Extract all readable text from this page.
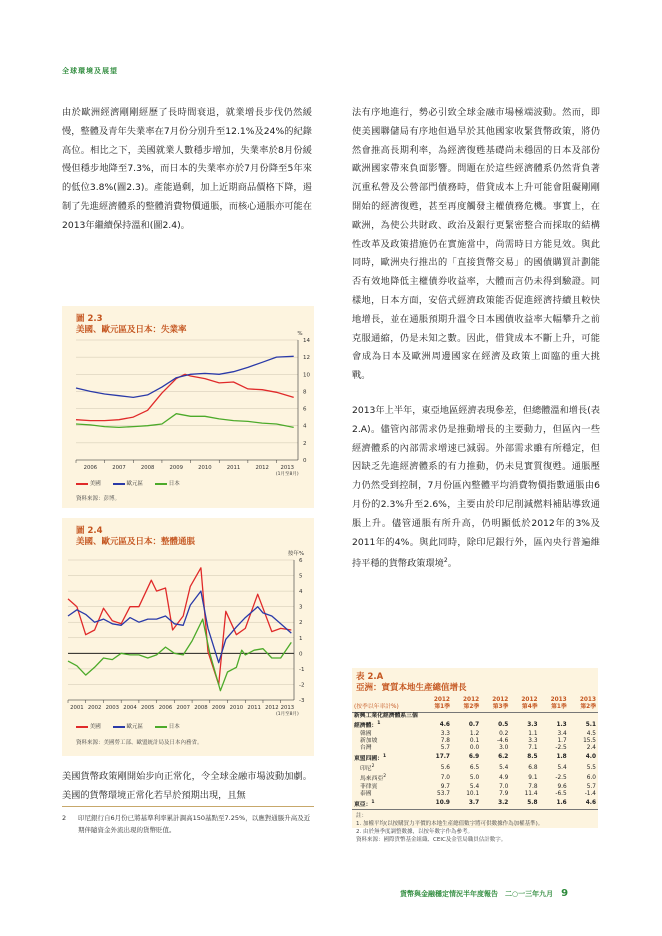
全球環境及展望

由於歐洲經濟剛剛經歷了長時間衰退，就業增長步伐仍然緩慢，整體及青年失業率在7月份分別升至12.1%及24%的紀錄高位。相比之下，美國就業人數穩步增加，失業率於8月份緩慢但穩步地降至7.3%，而日本的失業率亦於7月份降至5年來的低位3.8%(圖2.3)。產能過剩，加上近期商品價格下降，遏制了先進經濟體系的整體消費物價通脹，而核心通脹亦可能在2013年繼續保持溫和(圖2.4)。

圖 2.3
美國、歐元區及日本：失業率
0
2
4
6
8
10
12
14
%
2006	2007	2008	2009	2010	2011	2012 2013
(1月至8月)
美國	歐元區	日本
資料來源：彭博。
圖 2.4
美國、歐元區及日本：整體通脹
-3
-2
-1
0
1
2
3
4
5
6
按年%
2001 2002 2003 2004 2005 2006 2007 2008 2009 2010 2011 2012 2013
(1月至8月)
美國	歐元區	日本
資料來源：美國勞工部、歐盟統計局及日本內務省。

美國貨幣政策剛開始步向正常化，令全球金融市場波動加劇。美國的貨幣環境正常化若早於預期出現，且無

2 印尼銀行自6月份已將基準利率累計調高150基點至7.25%，以應對通脹升高及近期伴隨資金外流出現的貨幣貶值。

法有序地進行，勢必引致全球金融市場極端波動。然而，即使美國聯儲局有序地但過早於其他國家收緊貨幣政策，將仍然會推高長期利率，為經濟復甦基礎尚未穩固的日本及部份歐洲國家帶來負面影響。問題在於這些經濟體系仍然背負著沉重私營及公營部門債務時，借貸成本上升可能會阻礙剛剛開始的經濟復甦，甚至再度觸發主權債務危機。事實上，在歐洲，為使公共財政、政治及銀行更緊密整合而採取的結構性改革及政策措施仍在實施當中，尚需時日方能見效。與此同時，歐洲央行推出的「直接貨幣交易」的國債購買計劃能否有效地降低主權債券收益率，大體而言仍未得到驗證。同樣地，日本方面，安倍式經濟政策能否促進經濟持續且較快地增長，並在通脹預期升溫令日本國債收益率大幅攀升之前克服通縮，仍是未知之數。因此，借貸成本不斷上升，可能會成為日本及歐洲周邊國家在經濟及政策上面臨的重大挑戰。

2013年上半年，東亞地區經濟表現參差，但總體溫和增長(表2.A)。儘管內部需求仍是推動增長的主要動力，但區內一些經濟體系的內部需求增速已減弱。外部需求雖有所穩定，但因缺乏先進經濟體系的有力推動，仍未見實質復甦。通脹壓力仍然受到控制，7月份區內整體平均消費物價指數通脹由6月份的2.3%升至2.6%，主要由於印尼削減燃料補貼導致通脹上升。儘管通脹有所升高，仍明顯低於2012年的3%及2011年的4%。與此同時，除印尼銀行外，區內央行普遍維持平穩的貨幣政策環境$^2$。

表 2.A
亞洲：實質本地生產總值增長
(按季以年率計%)	2012	2012	2012	2012	2013	2013
	第1季	第2季	第3季	第4季	第1季	第2季
新興工業化經濟體系三個						
經濟體：$^1$	4.6	0.7	0.5	3.3	1.3	5.1
韓國	3.3	1.2	0.2	1.1	3.4	4.5
新加坡	7.8	0.1	-4.6	3.3	1.7	15.5
台灣	5.7	0.0	3.0	7.1	-2.5	2.4
東盟四國：$^1$	17.7	6.9	6.2	8.5	1.8	4.0
印尼$^2$	5.6	6.5	5.4	6.8	5.4	5.5
馬來西亞$^2$	7.0	5.0	4.9	9.1	-2.5	6.0
菲律賓	9.7	5.4	7.0	7.8	9.6	5.7
泰國	53.7	10.1	7.9	11.4	-6.5	-1.4
東亞：$^1$	10.9	3.7	3.2	5.8	1.6	4.6
註：
1. 加權平均(以按購買力平價的本地生產總值數字將可供數據作為加權基準)。
2. 由於無季度調整數據，以按年數字作為參考。
資料來源：國際貨幣基金組織、CEIC及金管局職員估計數字。
貨幣與金融穩定情況半年度報告　二○一三年九月 9
